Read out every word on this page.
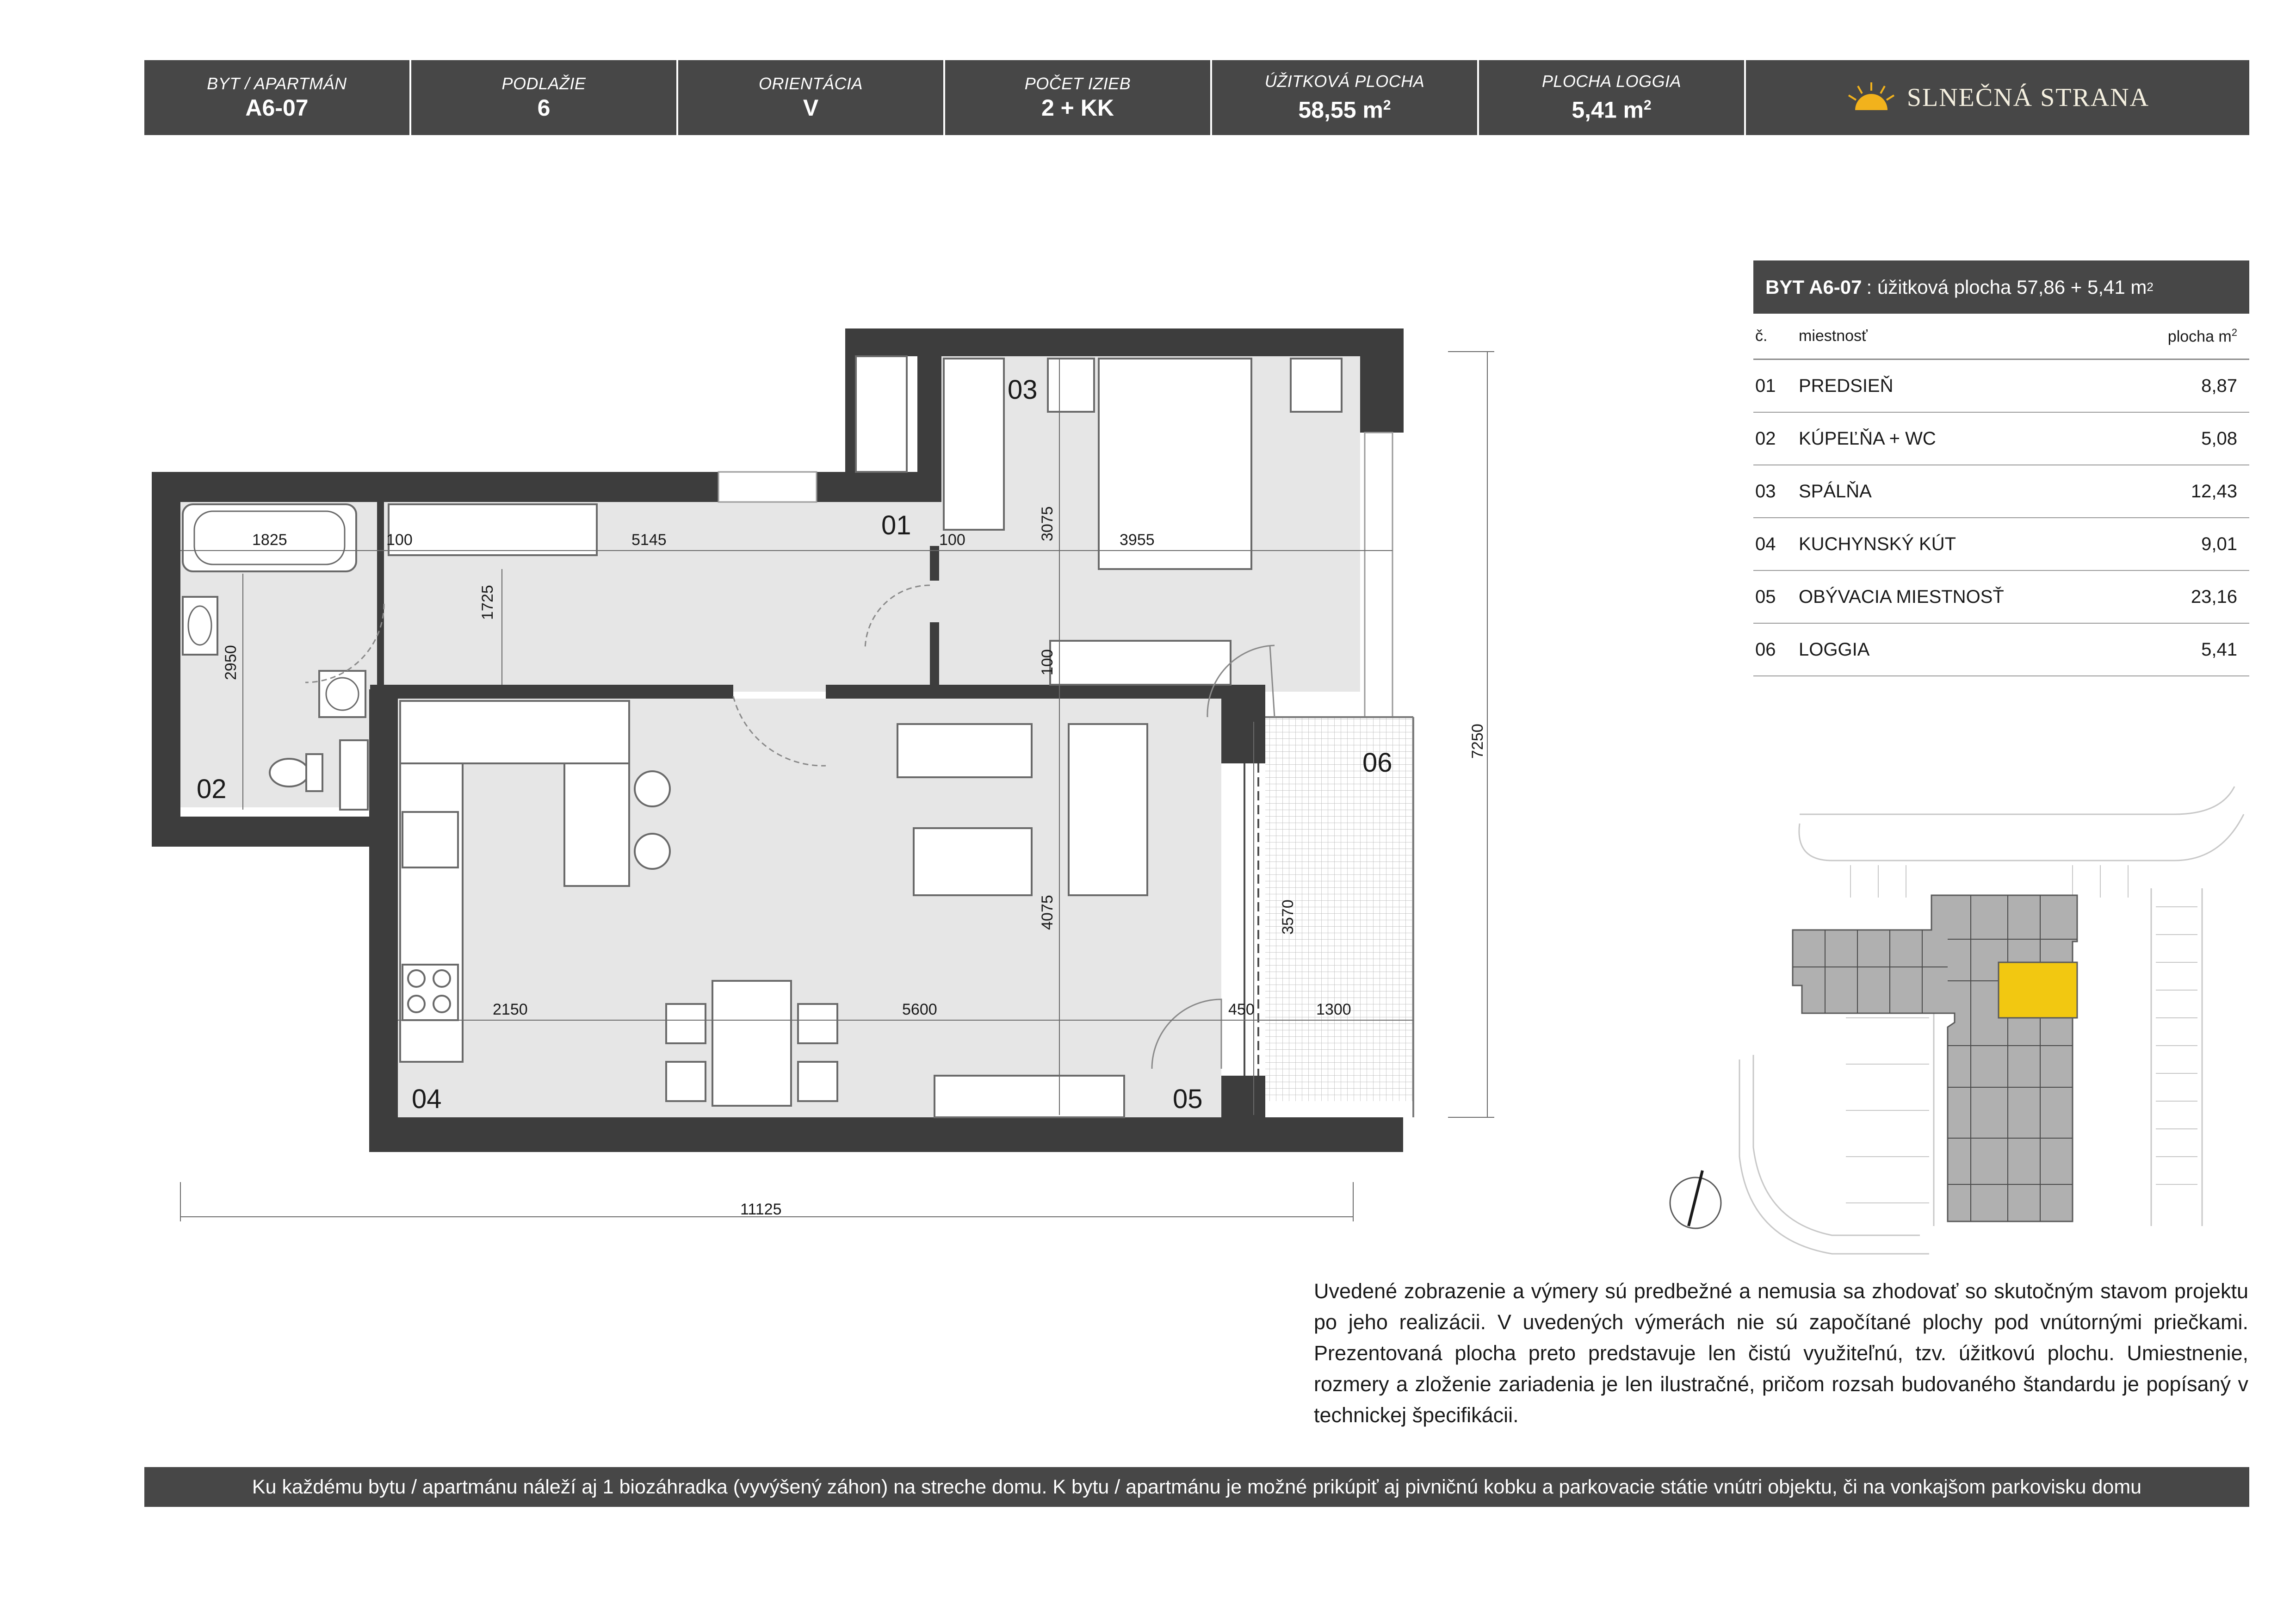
BYT / APARTMÁN
A6-07
PODLAŽIE
6
ORIENTÁCIA
V
POČET IZIEB
2 + KK
ÚŽITKOVÁ PLOCHA
58,55 $m^2$
PLOCHA LOGGIA
5,41 $m^2$	SLNEČNÁ STRANA
1825	100	5145	100	3955
2150	5600	450	1300
11125
1725
2950
3075
100
4075	3570
7250
01
02
03
04	05
06
BYT A6-07 : úžitková plocha 57,86 + 5,41 m 2
č.	miestnosť	plocha $m^2$
01	PREDSIEŇ	8,87
02	KÚPEĽŇA + WC	5,08
03	SPÁLŇA	12,43
04	KUCHYNSKÝ KÚT	9,01
05	OBÝVACIA MIESTNOSŤ	23,16
06	LOGGIA	5,41
Uvedené zobrazenie a výmery sú predbežné a nemusia sa zhodovať so skutočným stavom projektu po jeho realizácii. V uvedených výmerách nie sú započítané plochy pod vnútornými priečkami. Prezentovaná plocha preto predstavuje len čistú využiteľnú, tzv. úžitkovú plochu. Umiestnenie, rozmery a zloženie zariadenia je len ilustračné, pričom rozsah budovaného štandardu je popísaný v technickej špecifikácii.
Ku každému bytu / apartmánu náleží aj 1 biozáhradka (vyvýšený záhon) na streche domu. K bytu / apartmánu je možné prikúpiť aj pivničnú kobku a parkovacie státie vnútri objektu, či na vonkajšom parkovisku domu
